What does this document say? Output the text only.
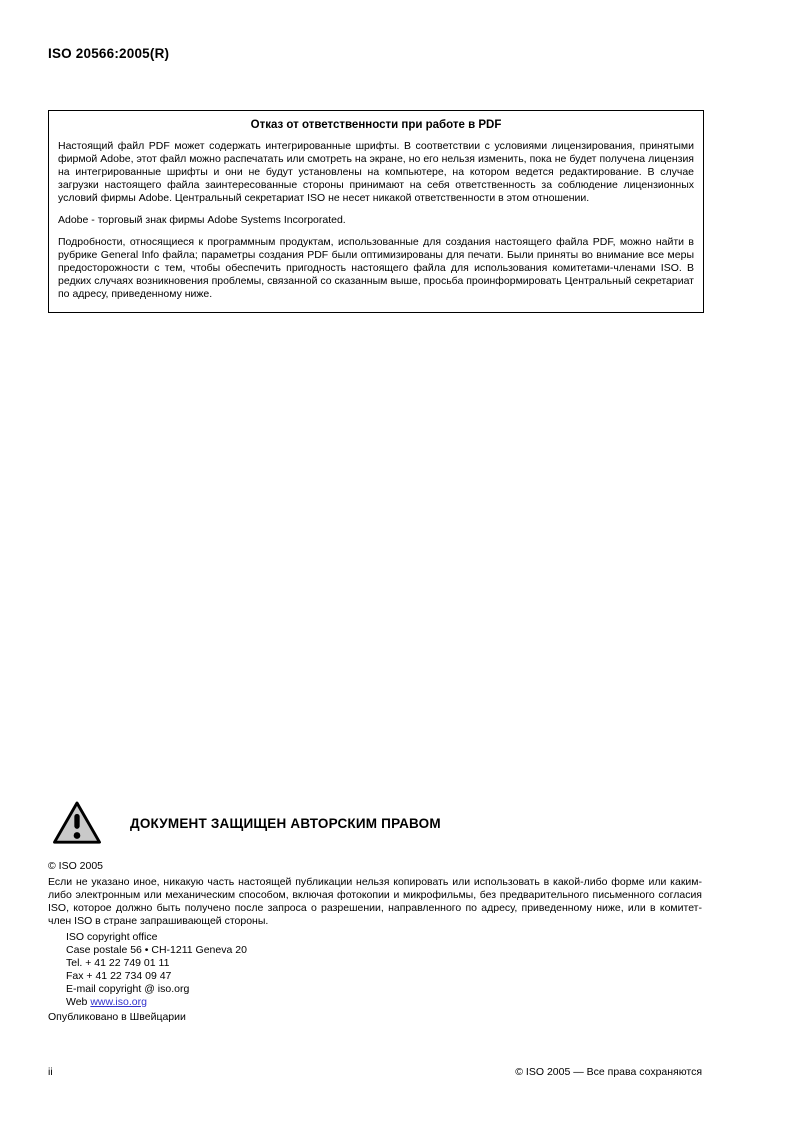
ISO 20566:2005(R)
Отказ от ответственности при работе в PDF

Настоящий файл PDF может содержать интегрированные шрифты. В соответствии с условиями лицензирования, принятыми фирмой Adobe, этот файл можно распечатать или смотреть на экране, но его нельзя изменить, пока не будет получена лицензия на интегрированные шрифты и они не будут установлены на компьютере, на котором ведется редактирование. В случае загрузки настоящего файла заинтересованные стороны принимают на себя ответственность за соблюдение лицензионных условий фирмы Adobe. Центральный секретариат ISO не несет никакой ответственности в этом отношении.

Adobe - торговый знак фирмы Adobe Systems Incorporated.

Подробности, относящиеся к программным продуктам, использованные для создания настоящего файла PDF, можно найти в рубрике General Info файла; параметры создания PDF были оптимизированы для печати. Были приняты во внимание все меры предосторожности с тем, чтобы обеспечить пригодность настоящего файла для использования комитетами-членами ISO. В редких случаях возникновения проблемы, связанной со сказанным выше, просьба проинформировать Центральный секретариат по адресу, приведенному ниже.

ДОКУМЕНТ ЗАЩИЩЕН АВТОРСКИМ ПРАВОМ
© ISO 2005
Если не указано иное, никакую часть настоящей публикации нельзя копировать или использовать в какой-либо форме или каким-либо электронным или механическим способом, включая фотокопии и микрофильмы, без предварительного письменного согласия ISO, которое должно быть получено после запроса о разрешении, направленного по адресу, приведенному ниже, или в комитет-член ISO в стране запрашивающей стороны.
ISO copyright office
Case postale 56 • CH-1211 Geneva 20
Tel. + 41 22 749 01 11
Fax + 41 22 734 09 47
E-mail copyright @ iso.org
Web www.iso.org
Опубликовано в Швейцарии
ii	© ISO 2005 — Все права сохраняются
